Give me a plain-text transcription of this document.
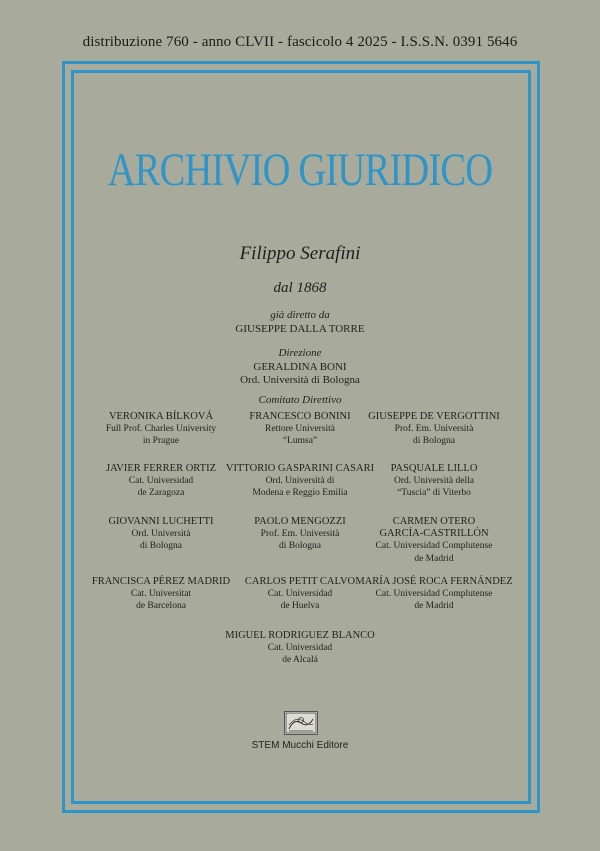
distribuzione 760 - anno CLVII - fascicolo 4 2025 - I.S.S.N. 0391 5646
ARCHIVIO GIURIDICO
Filippo Serafini
dal 1868
già diretto da
GIUSEPPE DALLA TORRE
Direzione
GERALDINA BONI
Ord. Università di Bologna
Comitato Direttivo
VERONIKA BÍLKOVÁ
Full Prof. Charles University
in Prague
FRANCESCO BONINI
Rettore Università
“Lumsa”
GIUSEPPE DE VERGOTTINI
Prof. Em. Università
di Bologna
JAVIER FERRER ORTIZ
Cat. Universidad
de Zaragoza
VITTORIO GASPARINI CASARI
Ord. Università di
Modena e Reggio Emilia
PASQUALE LILLO
Ord. Università della
“Tuscia” di Viterbo
GIOVANNI LUCHETTI
Ord. Università
di Bologna
PAOLO MENGOZZI
Prof. Em. Università
di Bologna
CARMEN OTERO
GARCÍA-CASTRILLÓN
Cat. Universidad Complutense
de Madrid
FRANCISCA PÉREZ MADRID
Cat. Universitat
de Barcelona
CARLOS PETIT CALVO
Cat. Universidad
de Huelva
MARÍA JOSÉ ROCA FERNÁNDEZ
Cat. Universidad Complutense
de Madrid
MIGUEL RODRIGUEZ BLANCO
Cat. Universidad
de Alcalá
STEM Mucchi Editore
